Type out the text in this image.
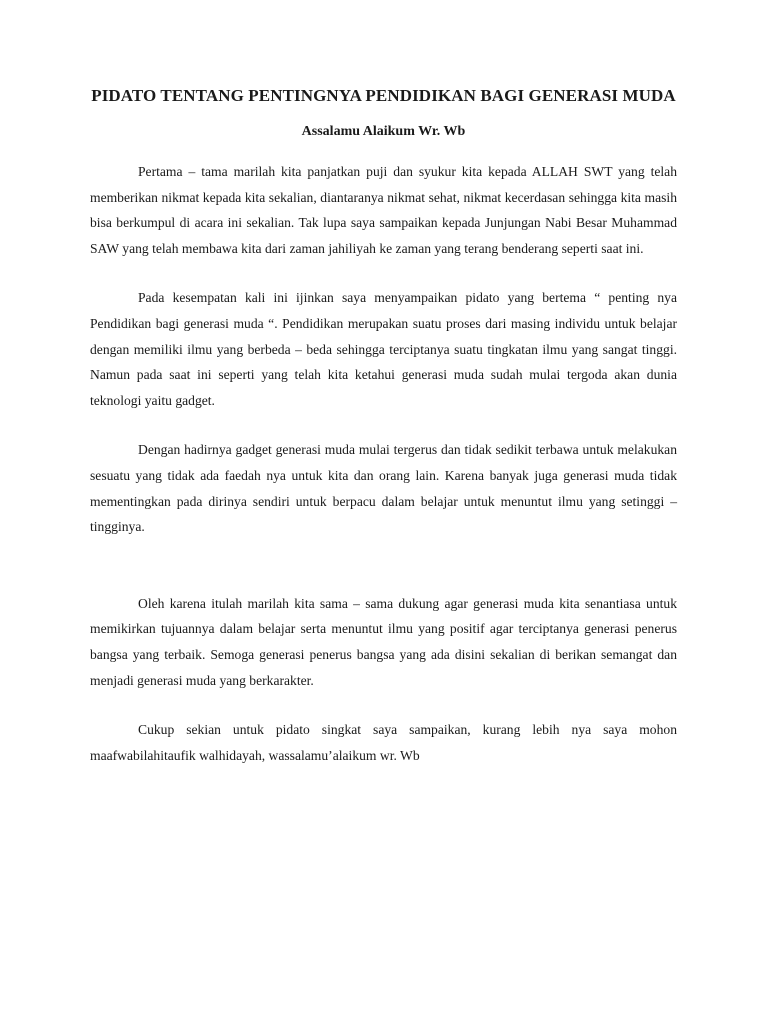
PIDATO TENTANG PENTINGNYA PENDIDIKAN BAGI GENERASI MUDA

Assalamu Alaikum Wr. Wb

Pertama – tama marilah kita panjatkan puji dan syukur kita kepada ALLAH SWT yang telah memberikan nikmat kepada kita sekalian, diantaranya nikmat sehat, nikmat kecerdasan sehingga kita masih bisa berkumpul di acara ini sekalian. Tak lupa saya sampaikan kepada Junjungan Nabi Besar Muhammad SAW yang telah membawa kita dari zaman jahiliyah ke zaman yang terang benderang seperti saat ini.

Pada kesempatan kali ini ijinkan saya menyampaikan pidato yang bertema “ penting nya Pendidikan bagi generasi muda “. Pendidikan merupakan suatu proses dari masing individu untuk belajar dengan memiliki ilmu yang berbeda – beda sehingga terciptanya suatu tingkatan ilmu yang sangat tinggi. Namun pada saat ini seperti yang telah kita ketahui generasi muda sudah mulai tergoda akan dunia teknologi yaitu gadget.

Dengan hadirnya gadget generasi muda mulai tergerus dan tidak sedikit terbawa untuk melakukan sesuatu yang tidak ada faedah nya untuk kita dan orang lain. Karena banyak juga generasi muda tidak mementingkan pada dirinya sendiri untuk berpacu dalam belajar untuk menuntut ilmu yang setinggi – tingginya.

Oleh karena itulah marilah kita sama – sama dukung agar generasi muda kita senantiasa untuk memikirkan tujuannya dalam belajar serta menuntut ilmu yang positif agar terciptanya generasi penerus bangsa yang terbaik. Semoga generasi penerus bangsa yang ada disini sekalian di berikan semangat dan menjadi generasi muda yang berkarakter.

Cukup sekian untuk pidato singkat saya sampaikan, kurang lebih nya saya mohon maafwabilahitaufik walhidayah, wassalamu’alaikum wr. Wb
